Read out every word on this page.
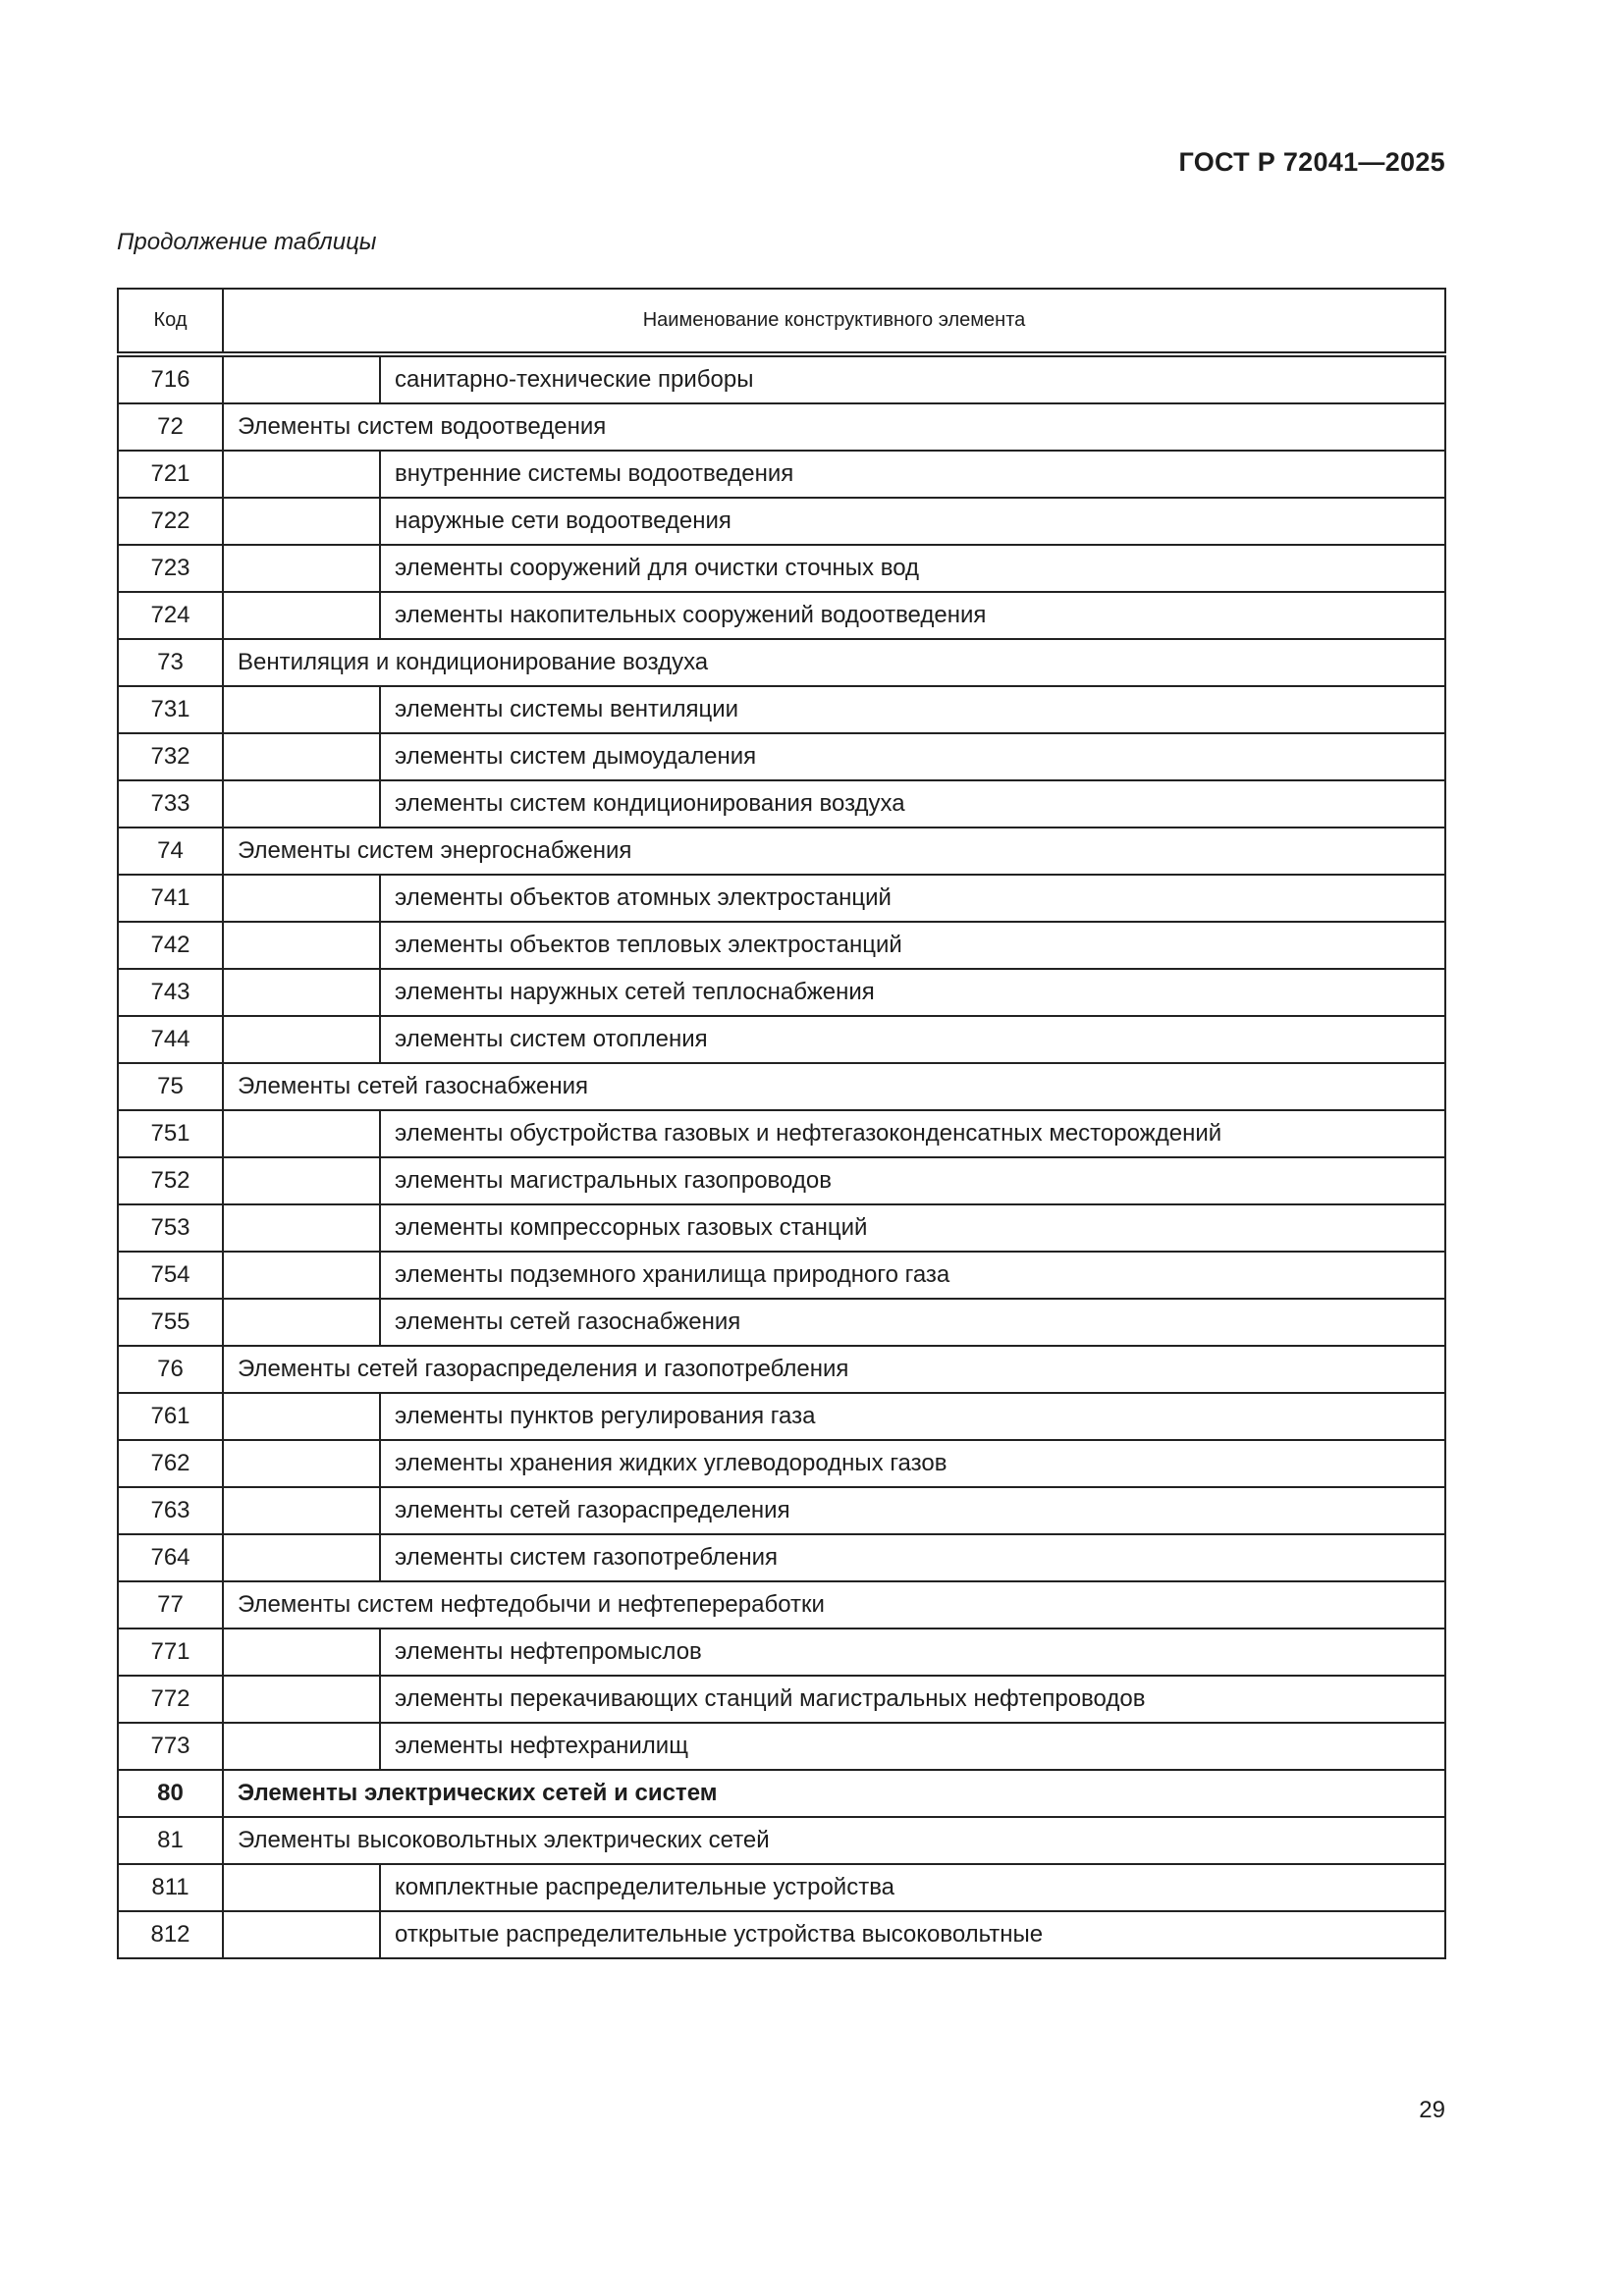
ГОСТ Р 72041—2025
Продолжение таблицы
Код	Наименование конструктивного элемента	
716		санитарно-технические приборы
72	Элементы систем водоотведения	
721		внутренние системы водоотведения
722		наружные сети водоотведения
723		элементы сооружений для очистки сточных вод
724		элементы накопительных сооружений водоотведения
73	Вентиляция и кондиционирование воздуха	
731		элементы системы вентиляции
732		элементы систем дымоудаления
733		элементы систем кондиционирования воздуха
74	Элементы систем энергоснабжения	
741		элементы объектов атомных электростанций
742		элементы объектов тепловых электростанций
743		элементы наружных сетей теплоснабжения
744		элементы систем отопления
75	Элементы сетей газоснабжения	
751		элементы обустройства газовых и нефтегазоконденсатных месторождений
752		элементы магистральных газопроводов
753		элементы компрессорных газовых станций
754		элементы подземного хранилища природного газа
755		элементы сетей газоснабжения
76	Элементы сетей газораспределения и газопотребления	
761		элементы пунктов регулирования газа
762		элементы хранения жидких углеводородных газов
763		элементы сетей газораспределения
764		элементы систем газопотребления
77	Элементы систем нефтедобычи и нефтепереработки	
771		элементы нефтепромыслов
772		элементы перекачивающих станций магистральных нефтепроводов
773		элементы нефтехранилищ
80	Элементы электрических сетей и систем	
81	Элементы высоковольтных электрических сетей	
811		комплектные распределительные устройства
812		открытые распределительные устройства высоковольтные
29
